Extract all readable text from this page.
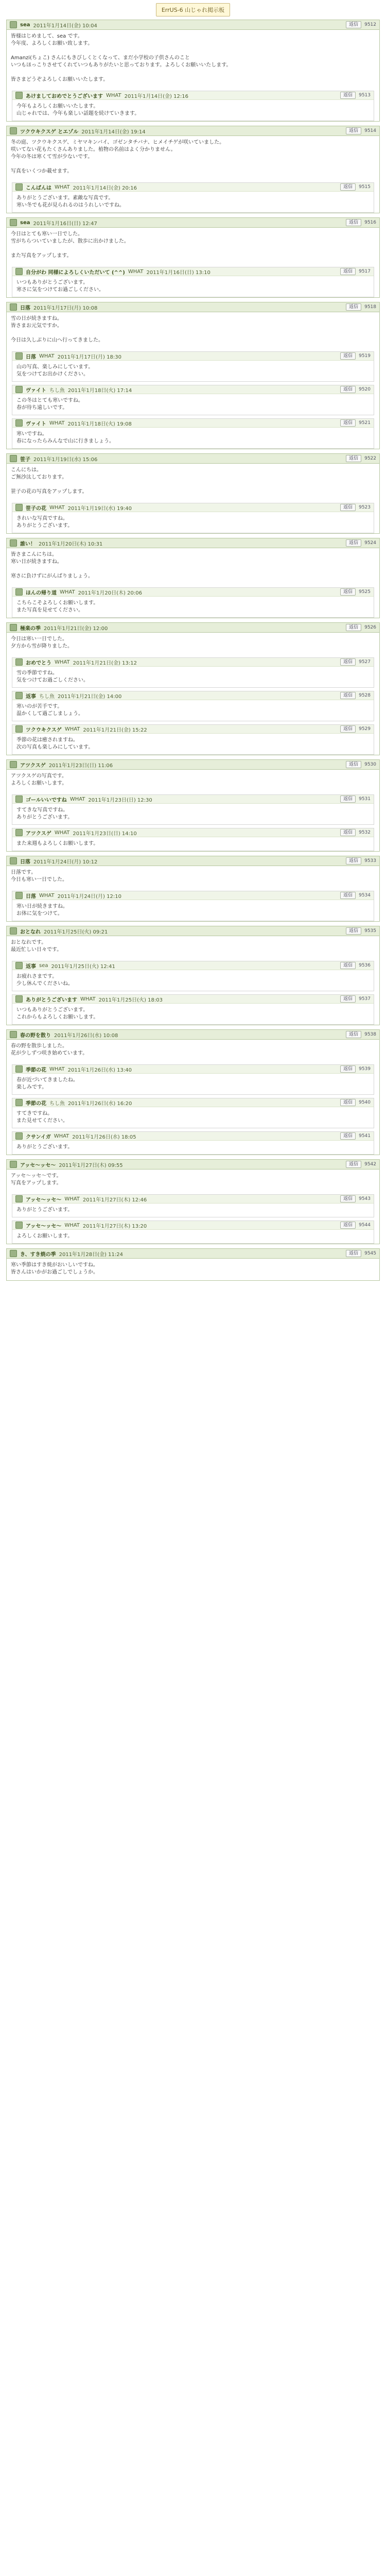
ErrUS-6 山じゃれ掲示板
sea 2011年1月14日(金) 10:04	返信	9512
皆様はじめまして、sea です。
今年度、よろしくお願い致します。
Amanzi(ちょこ) さんにもきびしくとくなって、まだ小学校の子供さんのこと
いつもほっこりさせてくれていつもありがたいと思っております。よろしくお願いいたします。
皆さまどうぞよろしくお願いいたします。
あけましておめでとうございます WHAT 2011年1月14日(金) 12:16	返信	9513
今年もよろしくお願いいたします。
山じゃれでは、今年も楽しい話題を続けていきます。
ツクウキクスゲ とエゾル 2011年1月14日(金) 19:14	返信	9514
冬の庭、ツクウキクスゲ、ミヤマキンバイ、ゴゼンタチバナ、ヒメイチゲが咲いていました。
咲いてない花もたくさんありました。植物の名前はよく分かりません。
今年の冬は寒くて雪が少ないです。
写真をいくつか載せます。
こんばんは WHAT 2011年1月14日(金) 20:16	返信	9515
ありがとうございます。素敵な写真です。
寒い冬でも花が見られるのはうれしいですね。
sea 2011年1月16日(日) 12:47	返信	9516
今日はとても寒い一日でした。
雪がちらついていましたが、散歩に出かけました。
また写真をアップします。
自分がわ 同様によろしくいただいて (^^) WHAT 2011年1月16日(日) 13:10	返信	9517
いつもありがとうございます。
寒さに気をつけてお過ごしください。
日落 2011年1月17日(月) 10:08	返信	9518
雪の日が続きますね。
皆さまお元気ですか。
今日は久しぶりに山へ行ってきました。
日落 WHAT 2011年1月17日(月) 18:30	返信	9519
山の写真、楽しみにしています。
気をつけてお出かけください。
ヴァイト ちし魚 2011年1月18日(火) 17:14	返信	9520
この冬はとても寒いですね。
春が待ち遠しいです。
ヴァイト WHAT 2011年1月18日(火) 19:08	返信	9521
寒いですね。
春になったらみんなで山に行きましょう。
笹子 2011年1月19日(水) 15:06	返信	9522
こんにちは。
ご無沙汰しております。
笹子の花の写真をアップします。
笹子の花 WHAT 2011年1月19日(水) 19:40	返信	9523
きれいな写真ですね。
ありがとうございます。
誰い！ 2011年1月20日(木) 10:31	返信	9524
皆さまこんにちは。
寒い日が続きますね。
寒さに負けずにがんばりましょう。
ほんの帰り道 WHAT 2011年1月20日(木) 20:06	返信	9525
こちらこそよろしくお願いします。
また写真を見せてください。
極楽の季 2011年1月21日(金) 12:00	返信	9526
今日は寒い一日でした。
夕方から雪が降りました。
おめでとう WHAT 2011年1月21日(金) 13:12	返信	9527
雪の季節ですね。
気をつけてお過ごしください。
返事 ちし魚 2011年1月21日(金) 14:00	返信	9528
寒いのが苦手です。
温かくして過ごしましょう。
ツクウキクスゲ WHAT 2011年1月21日(金) 15:22	返信	9529
季節の花は癒されますね。
次の写真も楽しみにしています。
アツクスゲ 2011年1月23日(日) 11:06	返信	9530
アツクスゲの写真です。
よろしくお願いします。
ゴールいいですね WHAT 2011年1月23日(日) 12:30	返信	9531
すてきな写真ですね。
ありがとうございます。
アツクスゲ WHAT 2011年1月23日(日) 14:10	返信	9532
また来週もよろしくお願いします。
日落 2011年1月24日(月) 10:12	返信	9533
日落です。
今日も寒い一日でした。
日落 WHAT 2011年1月24日(月) 12:10	返信	9534
寒い日が続きますね。
お体に気をつけて。
おとなれ 2011年1月25日(火) 09:21	返信	9535
おとなれです。
最近忙しい日々です。
返事 sea 2011年1月25日(火) 12:41	返信	9536
お疲れさまです。
少し休んでくださいね。
ありがとうございます WHAT 2011年1月25日(火) 18:03	返信	9537
いつもありがとうございます。
これからもよろしくお願いします。
春の野を散り 2011年1月26日(水) 10:08	返信	9538
春の野を散歩しました。
花が少しずつ咲き始めています。
季節の花 WHAT 2011年1月26日(水) 13:40	返信	9539
春が近づいてきましたね。
楽しみです。
季節の花 ちし魚 2011年1月26日(水) 16:20	返信	9540
すてきですね。
また見せてください。
クサンイガ WHAT 2011年1月26日(水) 18:05	返信	9541
ありがとうございます。
アッセ～ッセ～ 2011年1月27日(木) 09:55	返信	9542
アッセ～ッセ～です。
写真をアップします。
アッセ～ッセ～ WHAT 2011年1月27日(木) 12:46	返信	9543
ありがとうございます。
アッセ～ッセ～ WHAT 2011年1月27日(木) 13:20	返信	9544
よろしくお願いします。
き、すき焼の季 2011年1月28日(金) 11:24	返信	9545
寒い季節はすき焼がおいしいですね。
皆さんはいかがお過ごしでしょうか。
